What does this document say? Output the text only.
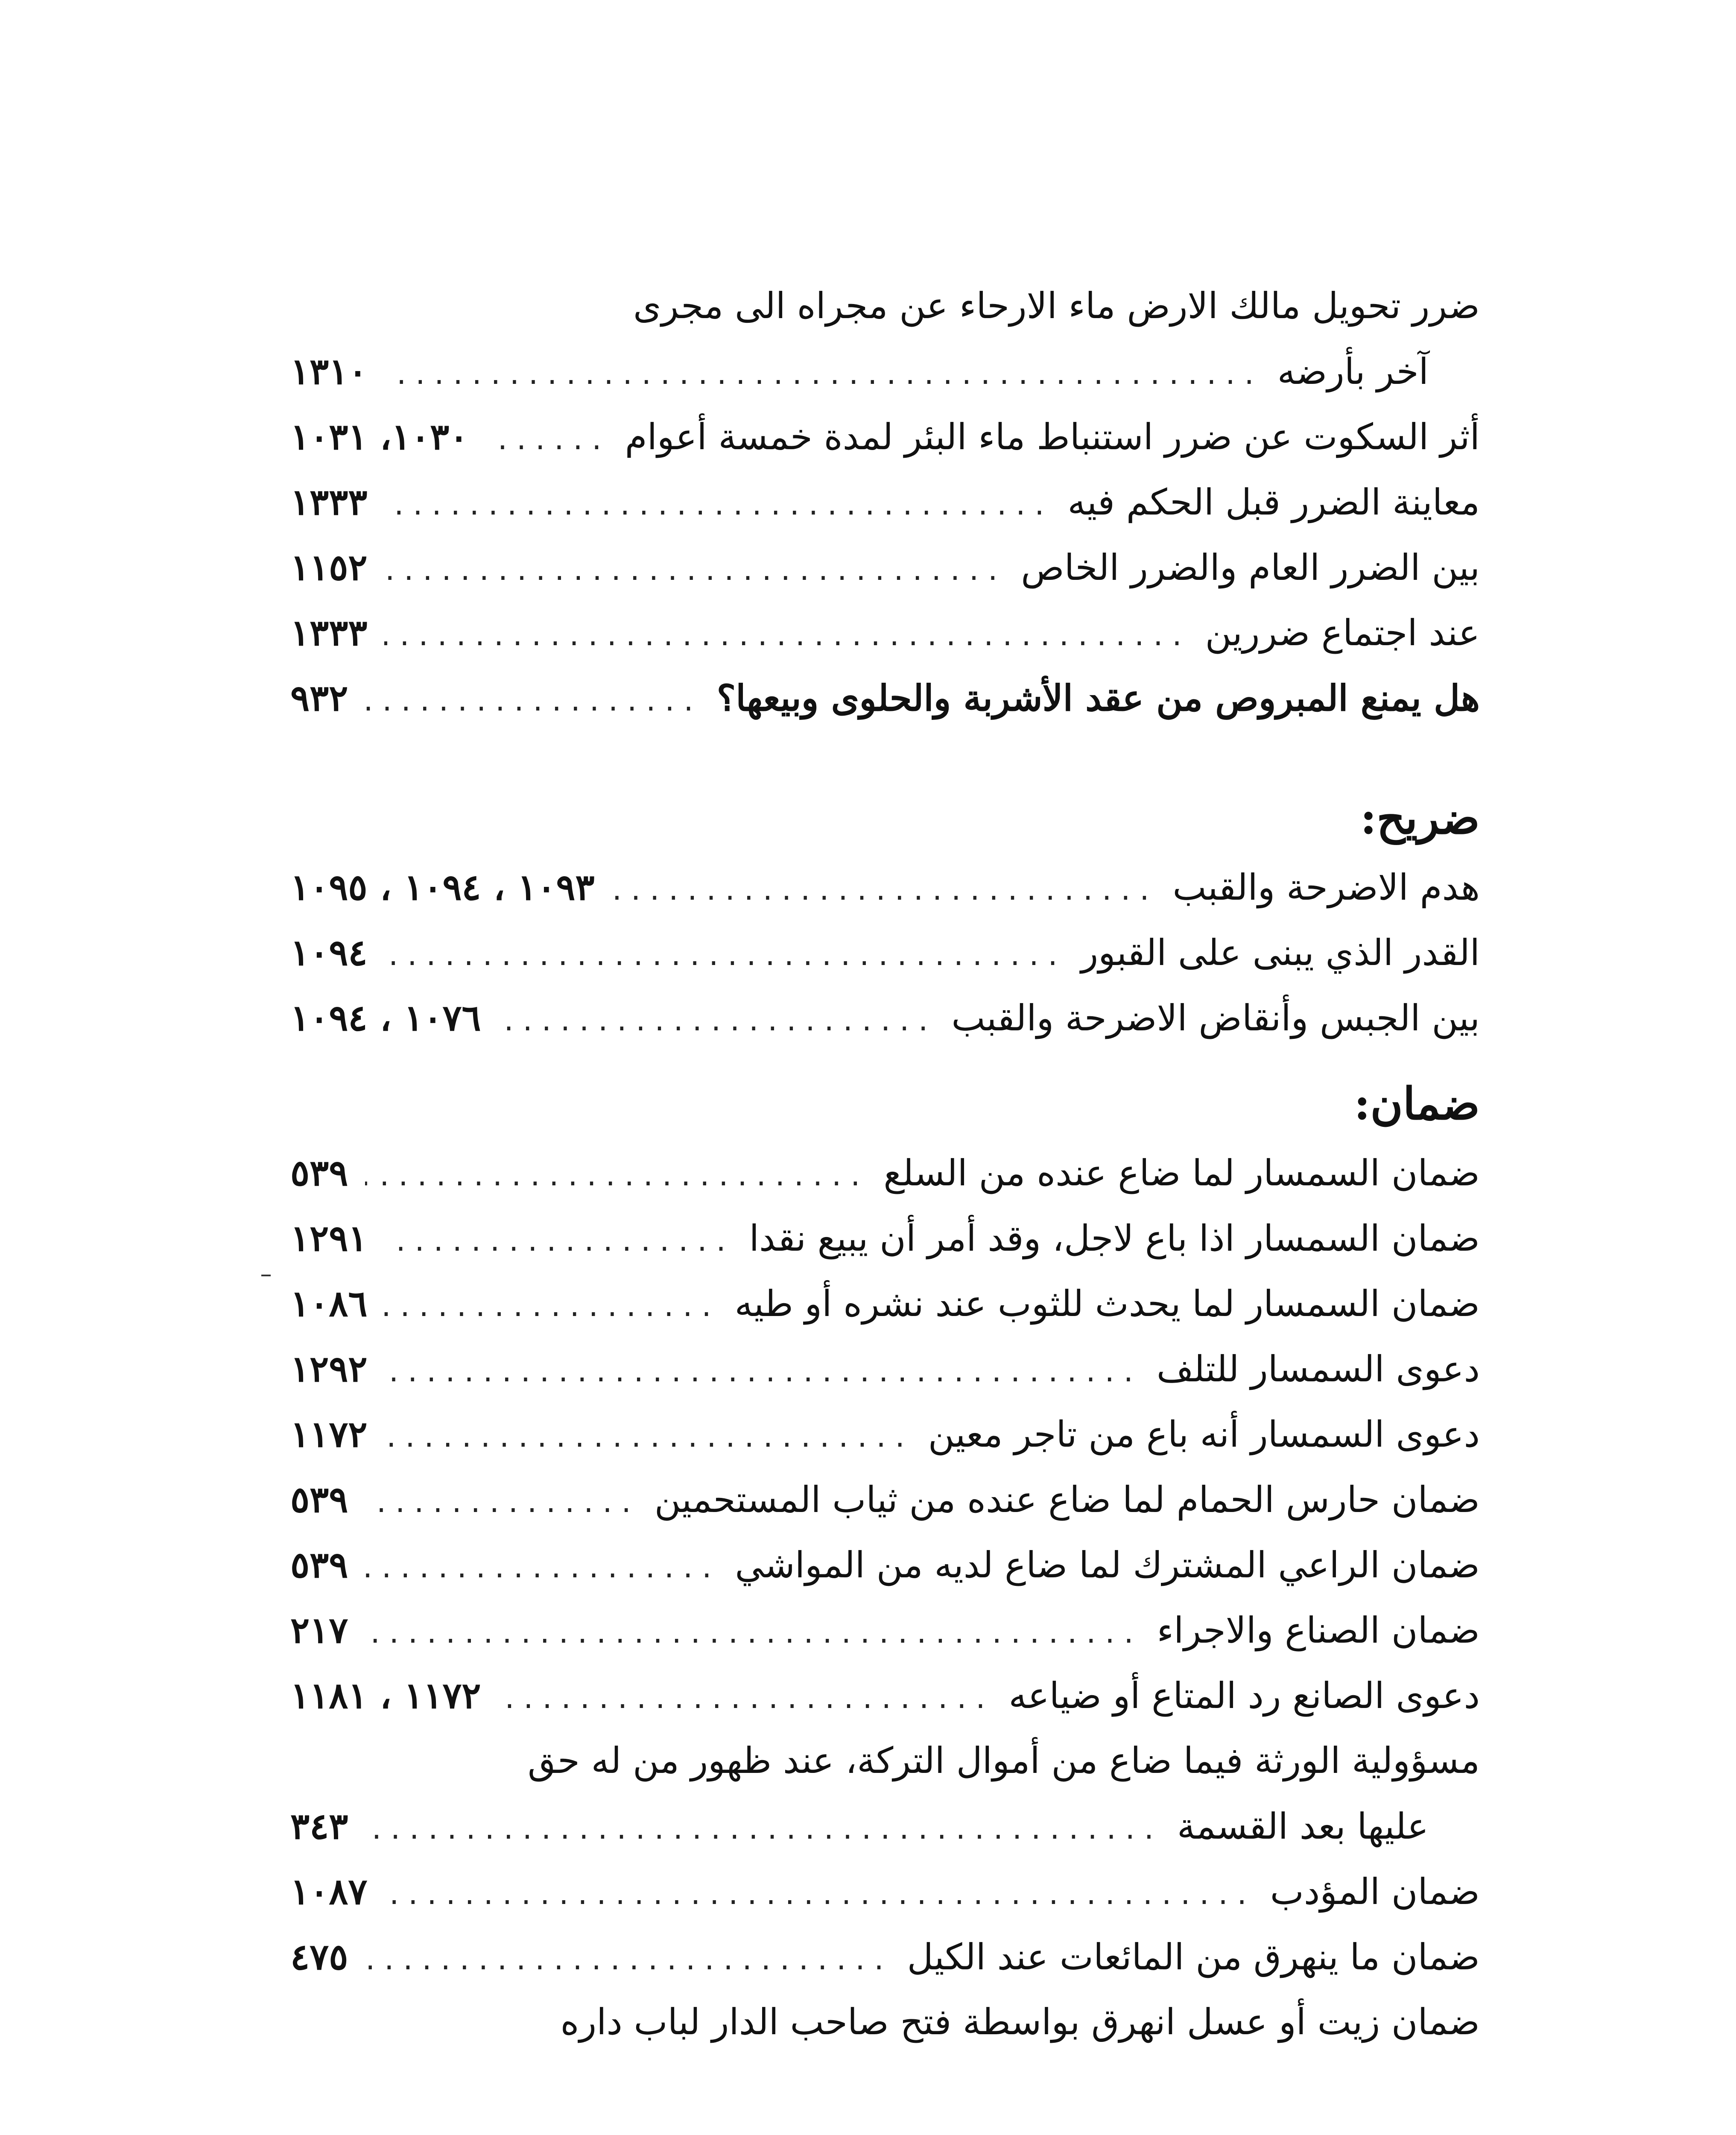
ضرر تحويل مالك الارض ماء الارحاء عن مجراه الى مجرى
آخر بأرضه
.....
١٣١٠
أثر السكوت عن ضرر استنباط ماء البئر لمدة خمسة أعوام
.....
١٠٣٠، ١٠٣١
معاينة الضرر قبل الحكم فيه
.....
١٣٣٣
بين الضرر العام والضرر الخاص
.....
١١٥٢
عند اجتماع ضررين
.....
١٣٣٣
هل يمنع المبروص من عقد الأشربة والحلوى وبيعها؟
.....
٩٣٢
ضريح:
هدم الاضرحة والقبب
.....
١٠٩٣ ، ١٠٩٤ ، ١٠٩٥
القدر الذي يبنى على القبور
.....
١٠٩٤
بين الجبس وأنقاض الاضرحة والقبب
.....
١٠٧٦ ، ١٠٩٤
ضمان:
ضمان السمسار لما ضاع عنده من السلع
.....
٥٣٩
ضمان السمسار اذا باع لاجل، وقد أمر أن يبيع نقدا
.....
١٢٩١
ضمان السمسار لما يحدث للثوب عند نشره أو طيه
.....
١٠٨٦
دعوى السمسار للتلف
.....
١٢٩٢
دعوى السمسار أنه باع من تاجر معين
.....
١١٧٢
ضمان حارس الحمام لما ضاع عنده من ثياب المستحمين
.....
٥٣٩
ضمان الراعي المشترك لما ضاع لديه من المواشي
.....
٥٣٩
ضمان الصناع والاجراء
.....
٢١٧
دعوى الصانع رد المتاع أو ضياعه
.....
١١٧٢ ، ١١٨١
مسؤولية الورثة فيما ضاع من أموال التركة، عند ظهور من له حق
عليها بعد القسمة
.....
٣٤٣
ضمان المؤدب
.....
١٠٨٧
ضمان ما ينهرق من المائعات عند الكيل
.....
٤٧٥
ضمان زيت أو عسل انهرق بواسطة فتح صاحب الدار لباب داره
